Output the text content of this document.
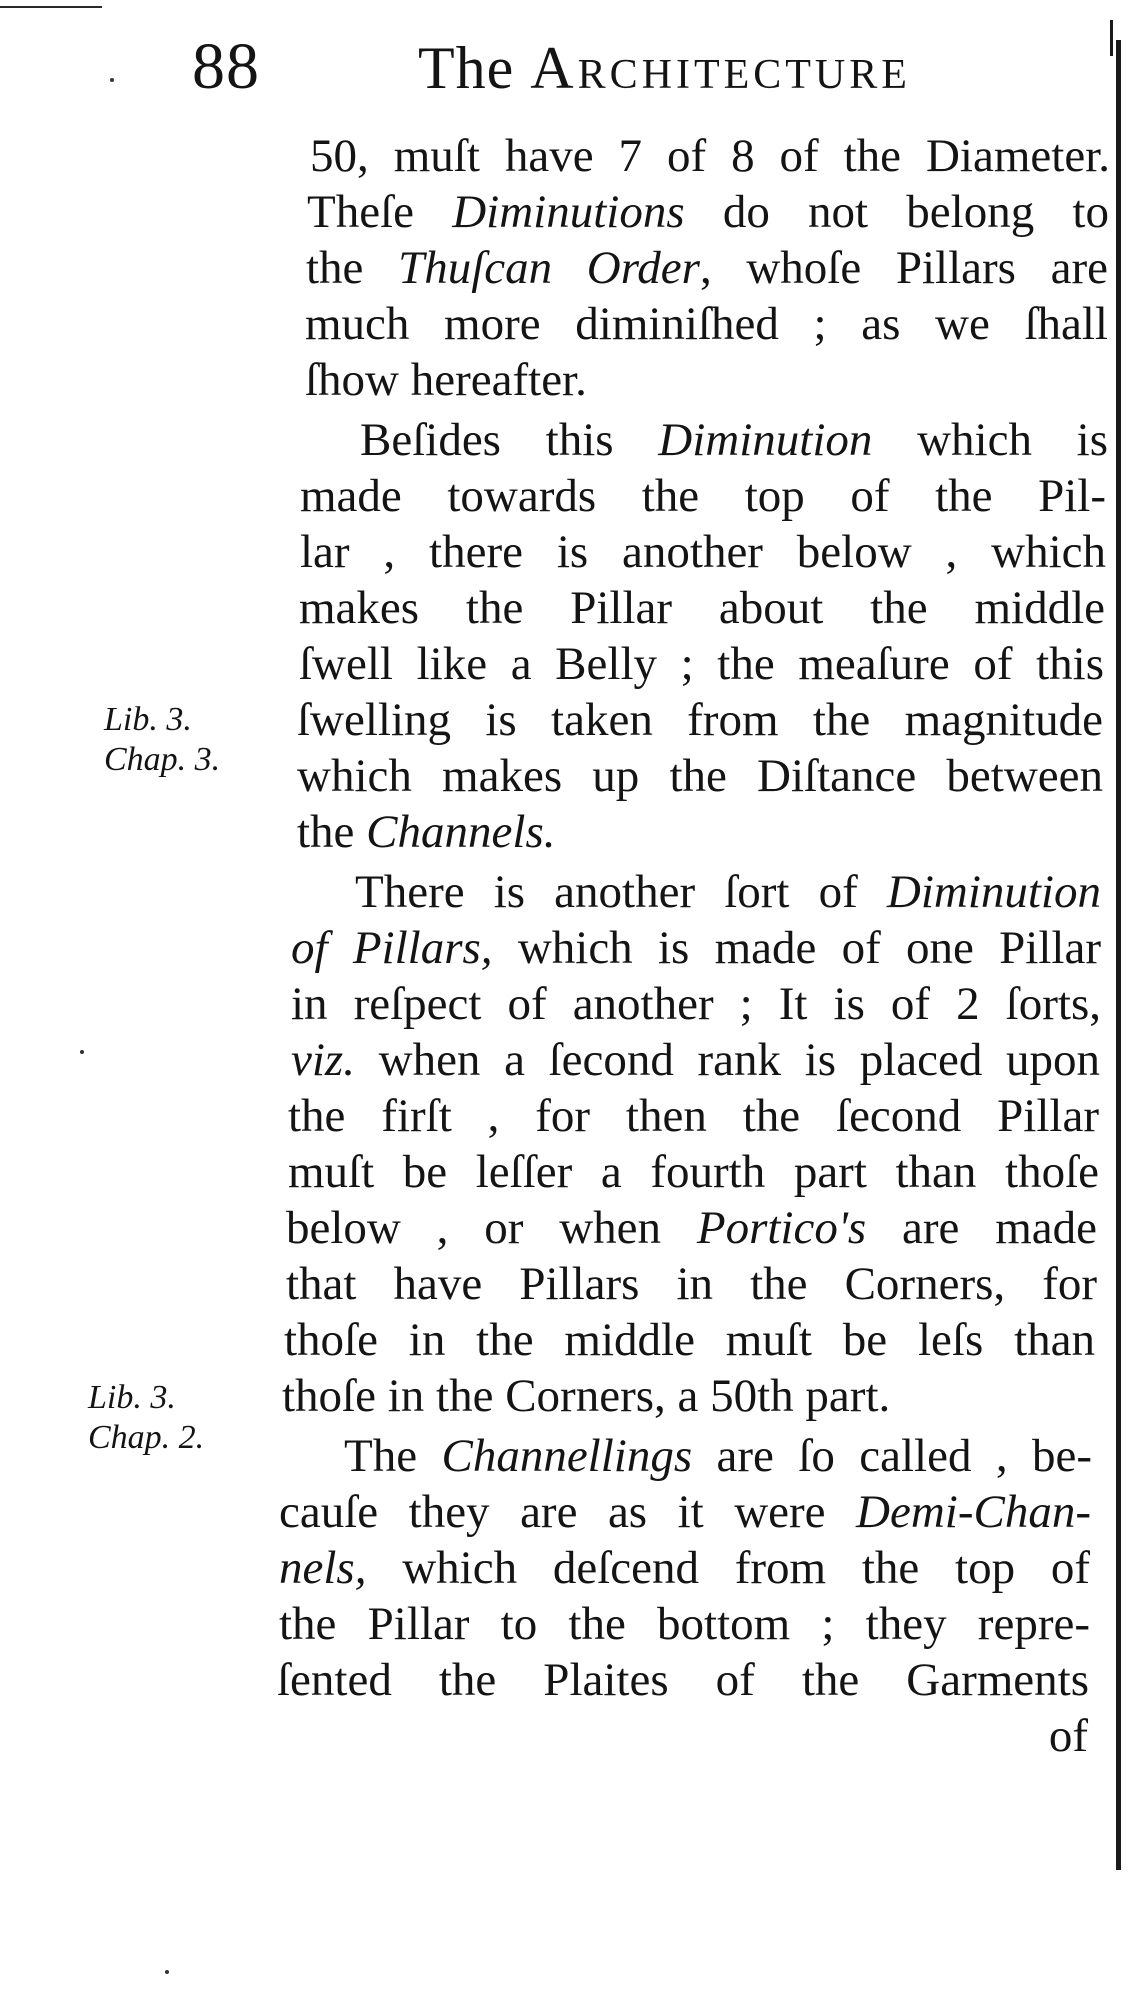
88	The Architecture
50, muſt have 7 of 8 of the Diameter.
Theſe Diminutions do not belong to
the Thuſcan Order, whoſe Pillars are
much more diminiſhed ; as we ſhall
ſhow hereafter.
Beſides this Diminution which is
made towards the top of the Pil-
lar , there is another below , which
makes the Pillar about the middle
ſwell like a Belly ; the meaſure of this
ſwelling is taken from the magnitude
which makes up the Diſtance between
the Channels.
There is another ſort of Diminution
of Pillars, which is made of one Pillar
in reſpect of another ; It is of 2 ſorts,
viz. when a ſecond rank is placed upon
the firſt , for then the ſecond Pillar
muſt be leſſer a fourth part than thoſe
below , or when Portico's are made
that have Pillars in the Corners, for
thoſe in the middle muſt be leſs than
thoſe in the Corners, a 50th part.
The Channellings are ſo called , be-
cauſe they are as it were Demi-Chan-
nels, which deſcend from the top of
the Pillar to the bottom ; they repre-
ſented the Plaites of the Garments
of
Lib. 3.
Chap. 3.
Lib. 3.
Chap. 2.
